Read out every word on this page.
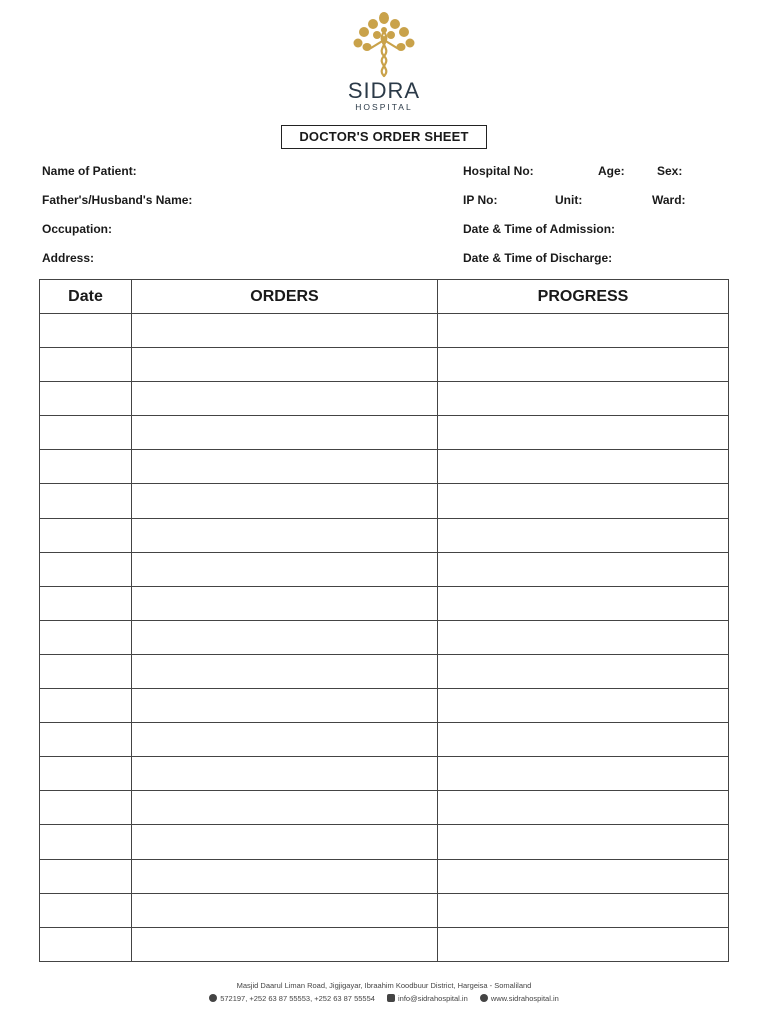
SIDRA
HOSPITAL
DOCTOR'S ORDER SHEET
Name of Patient:
Father's/Husband's Name:
Occupation:
Address:
Hospital No:	Age:	Sex:
IP No:	Unit:	Ward:
Date & Time of Admission:
Date & Time of Discharge:
Date	ORDERS	PROGRESS

Masjid Daarul Liman Road, Jigjigayar, Ibraahim Koodbuur District, Hargeisa - Somaliland
572197, +252 63 87 55553, +252 63 87 55554	info@sidrahospital.in	www.sidrahospital.in
